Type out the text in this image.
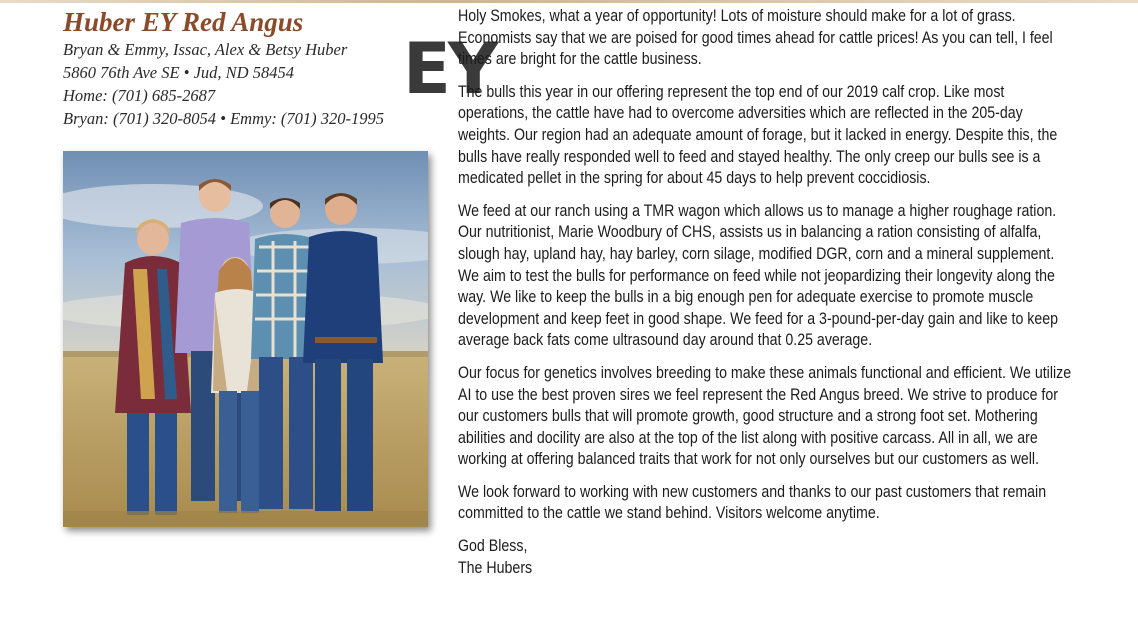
Huber EY Red Angus
Bryan & Emmy, Issac, Alex & Betsy Huber
5860 76th Ave SE • Jud, ND 58454
Home: (701) 685-2687
Bryan: (701) 320-8054 • Emmy: (701) 320-1995
EY

Holy Smokes, what a year of opportunity! Lots of moisture should make for a lot of grass. Economists say that we are poised for good times ahead for cattle prices! As you can tell, I feel times are bright for the cattle business.

The bulls this year in our offering represent the top end of our 2019 calf crop. Like most operations, the cattle have had to overcome adversities which are reflected in the 205-day weights. Our region had an adequate amount of forage, but it lacked in energy. Despite this, the bulls have really responded well to feed and stayed healthy. The only creep our bulls see is a medicated pellet in the spring for about 45 days to help prevent coccidiosis.

We feed at our ranch using a TMR wagon which allows us to manage a higher roughage ration. Our nutritionist, Marie Woodbury of CHS, assists us in balancing a ration consisting of alfalfa, slough hay, upland hay, hay barley, corn silage, modified DGR, corn and a mineral supplement. We aim to test the bulls for performance on feed while not jeopardizing their longevity along the way. We like to keep the bulls in a big enough pen for adequate exercise to promote muscle development and keep feet in good shape. We feed for a 3-pound-per-day gain and like to keep average back fats come ultrasound day around that 0.25 average.

Our focus for genetics involves breeding to make these animals functional and efficient. We utilize AI to use the best proven sires we feel represent the Red Angus breed. We strive to produce for our customers bulls that will promote growth, good structure and a strong foot set. Mothering abilities and docility are also at the top of the list along with positive carcass. All in all, we are working at offering balanced traits that work for not only ourselves but our customers as well.

We look forward to working with new customers and thanks to our past customers that remain committed to the cattle we stand behind. Visitors welcome anytime.

God Bless,
The Hubers
